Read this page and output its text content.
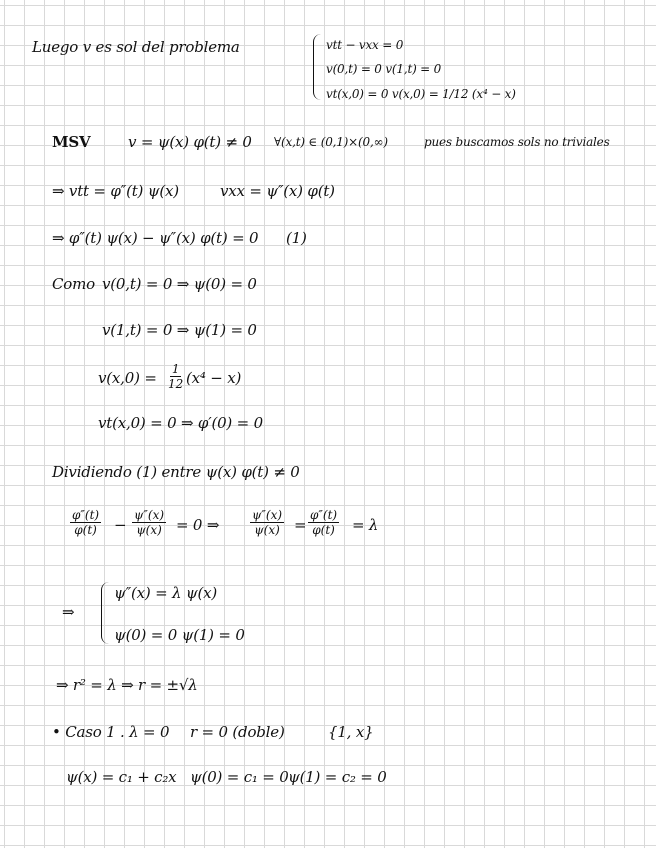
Luego v es sol del problema	vtt − vxx = 0
v(0,t) = 0 v(1,t) = 0
vt(x,0) = 0 v(x,0) = 1/12 (x⁴ − x)
MSV	v = ψ(x) φ(t) ≠ 0 ∀(x,t) ∈ (0,1)×(0,∞)	pues buscamos sols no triviales
⇒ vtt = φ″(t) ψ(x)	vxx = ψ″(x) φ(t)
⇒ φ″(t) ψ(x) − ψ″(x) φ(t) = 0 (1)
Como v(0,t) = 0 ⇒ ψ(0) = 0
v(1,t) = 0 ⇒ ψ(1) = 0
$v(x,0) = \frac{1}{12} (x^4 - x)$
vt(x,0) = 0 ⇒ φ′(0) = 0
Dividiendo (1) entre ψ(x) φ(t) ≠ 0
$\frac{\varphi''(t)}{\varphi(t)} - \frac{\psi''(x)}{\psi(x)} = 0$ ⇒	$\frac{\psi''(x)}{\psi(x)} = \frac{\varphi''(t)}{\varphi(t)} = \lambda$
⇒
ψ″(x) = λ ψ(x)
ψ(0) = 0 ψ(1) = 0
⇒ r² = λ ⇒ r = ±√λ
• Caso 1 . λ = 0 r = 0 (doble)	{1, x}
ψ(x) = c₁ + c₂x ψ(0) = c₁ = 0 ψ(1) = c₂ = 0
